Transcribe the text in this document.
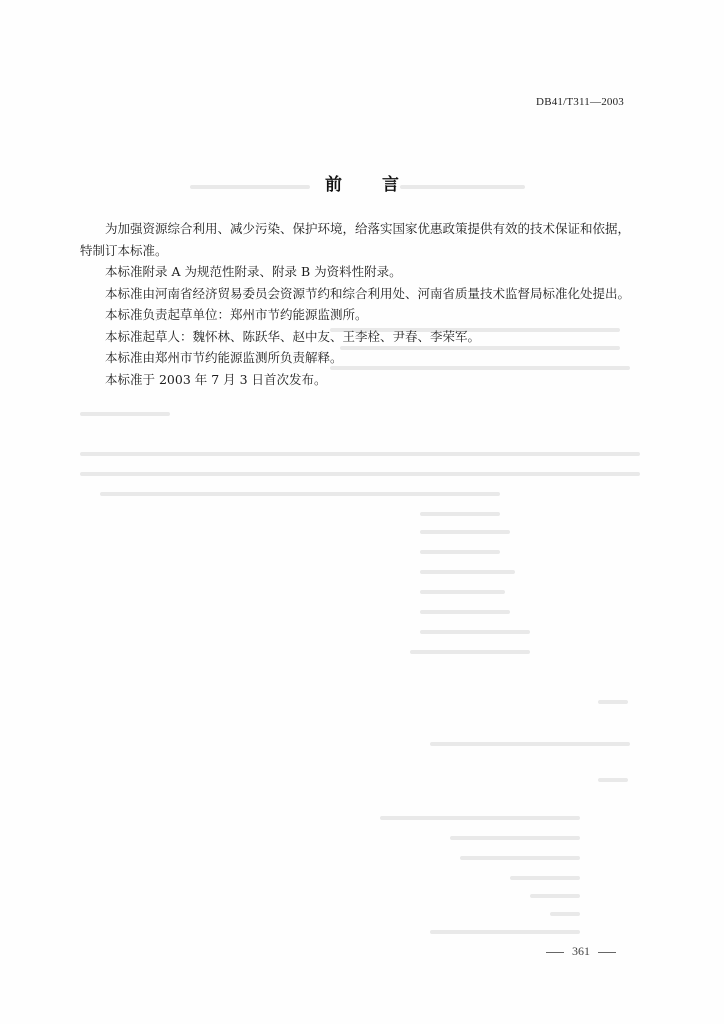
DB41/T311—2003
前 言

为加强资源综合利用、减少污染、保护环境，给落实国家优惠政策提供有效的技术保证和依据，特制订本标准。

本标准附录 A 为规范性附录、附录 B 为资料性附录。

本标准由河南省经济贸易委员会资源节约和综合利用处、河南省质量技术监督局标准化处提出。

本标准负责起草单位：郑州市节约能源监测所。

本标准起草人：魏怀林、陈跃华、赵中友、王李栓、尹春、李荣军。

本标准由郑州市节约能源监测所负责解释。

本标准于 2003 年 7 月 3 日首次发布。

361
